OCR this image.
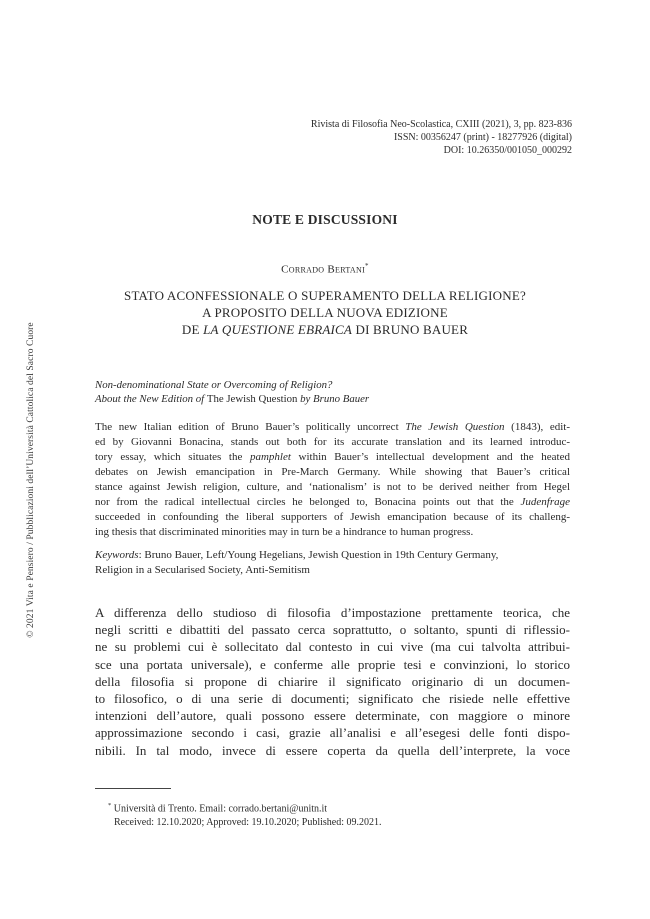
© 2021 Vita e Pensiero / Pubblicazioni dell’Università Cattolica del Sacro Cuore
Rivista di Filosofia Neo-Scolastica, CXIII (2021), 3, pp. 823-836
ISSN: 00356247 (print) - 18277926 (digital)
DOI: 10.26350/001050_000292
NOTE E DISCUSSIONI
Corrado Bertani*
STATO ACONFESSIONALE O SUPERAMENTO DELLA RELIGIONE?
A PROPOSITO DELLA NUOVA EDIZIONE
DE LA QUESTIONE EBRAICA DI BRUNO BAUER
Non-denominational State or Overcoming of Religion?
About the New Edition of The Jewish Question by Bruno Bauer
The new Italian edition of Bruno Bauer’s politically uncorrect The Jewish Question (1843), edit-
ed by Giovanni Bonacina, stands out both for its accurate translation and its learned introduc-
tory essay, which situates the pamphlet within Bauer’s intellectual development and the heated
debates on Jewish emancipation in Pre-March Germany. While showing that Bauer’s critical
stance against Jewish religion, culture, and ‘nationalism’ is not to be derived neither from Hegel
nor from the radical intellectual circles he belonged to, Bonacina points out that the Judenfrage
succeeded in confounding the liberal supporters of Jewish emancipation because of its challeng-
ing thesis that discriminated minorities may in turn be a hindrance to human progress.
Keywords: Bruno Bauer, Left/Young Hegelians, Jewish Question in 19th Century Germany,
Religion in a Secularised Society, Anti-Semitism
A differenza dello studioso di filosofia d’impostazione prettamente teorica, che
negli scritti e dibattiti del passato cerca soprattutto, o soltanto, spunti di riflessio-
ne su problemi cui è sollecitato dal contesto in cui vive (ma cui talvolta attribui-
sce una portata universale), e conferme alle proprie tesi e convinzioni, lo storico
della filosofia si propone di chiarire il significato originario di un documen-
to filosofico, o di una serie di documenti; significato che risiede nelle effettive
intenzioni dell’autore, quali possono essere determinate, con maggiore o minore
approssimazione secondo i casi, grazie all’analisi e all’esegesi delle fonti dispo-
nibili. In tal modo, invece di essere coperta da quella dell’interprete, la voce
* Università di Trento. Email: corrado.bertani@unitn.it
Received: 12.10.2020; Approved: 19.10.2020; Published: 09.2021.
